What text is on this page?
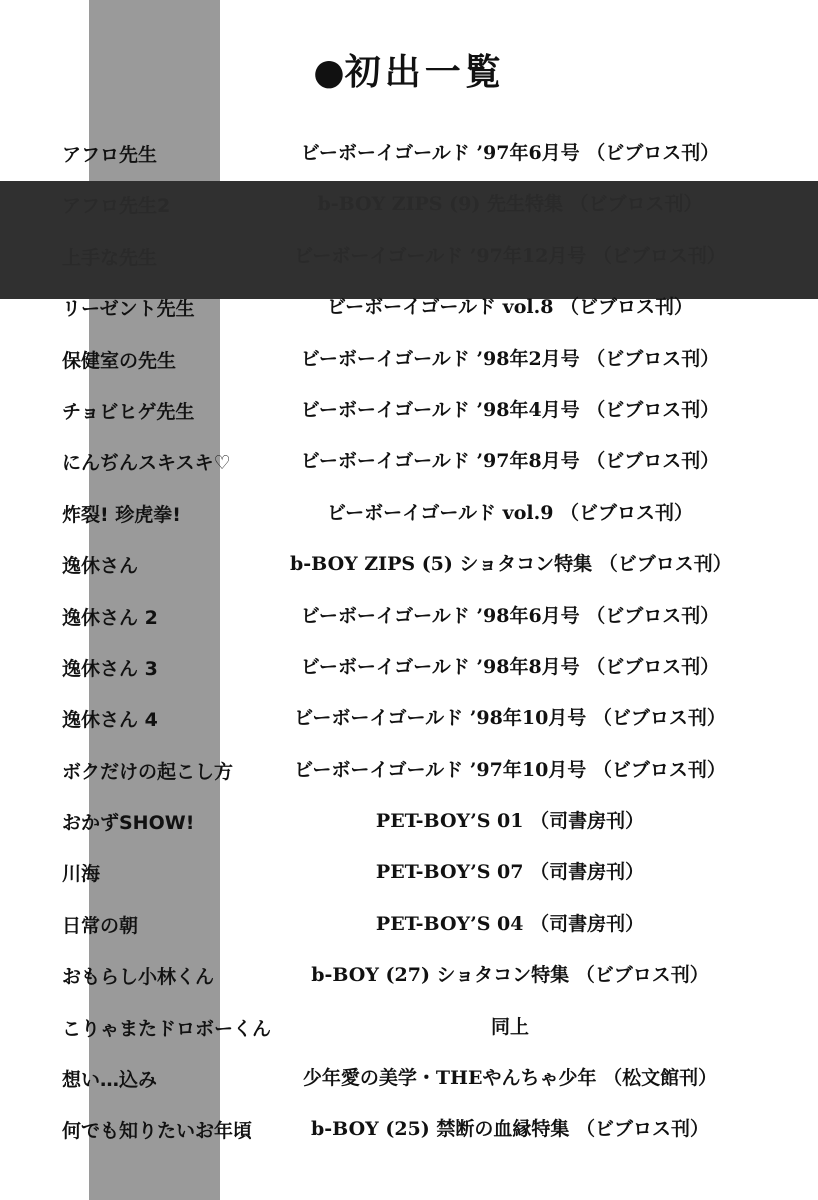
●初出一覧
アフロ先生	ビーボーイゴールド ’97年6月号 （ビブロス刊）
アフロ先生2	b-BOY ZIPS (9) 先生特集 （ビブロス刊）
上手な先生	ビーボーイゴールド ’97年12月号 （ビブロス刊）
リーゼント先生	ビーボーイゴールド vol.8 （ビブロス刊）
保健室の先生	ビーボーイゴールド ’98年2月号 （ビブロス刊）
チョビヒゲ先生	ビーボーイゴールド ’98年4月号 （ビブロス刊）
にんぢんスキスキ♡	ビーボーイゴールド ’97年8月号 （ビブロス刊）
炸裂! 珍虎拳!	ビーボーイゴールド vol.9 （ビブロス刊）
逸休さん	b-BOY ZIPS (5) ショタコン特集 （ビブロス刊）
逸休さん 2	ビーボーイゴールド ’98年6月号 （ビブロス刊）
逸休さん 3	ビーボーイゴールド ’98年8月号 （ビブロス刊）
逸休さん 4	ビーボーイゴールド ’98年10月号 （ビブロス刊）
ボクだけの起こし方	ビーボーイゴールド ’97年10月号 （ビブロス刊）
おかずSHOW!	PET-BOY’S 01 （司書房刊）
川海	PET-BOY’S 07 （司書房刊）
日常の朝	PET-BOY’S 04 （司書房刊）
おもらし小林くん	b-BOY (27) ショタコン特集 （ビブロス刊）
こりゃまたドロボーくん	同上
想い…込み	少年愛の美学・THEやんちゃ少年 （松文館刊）
何でも知りたいお年頃	b-BOY (25) 禁断の血縁特集 （ビブロス刊）
